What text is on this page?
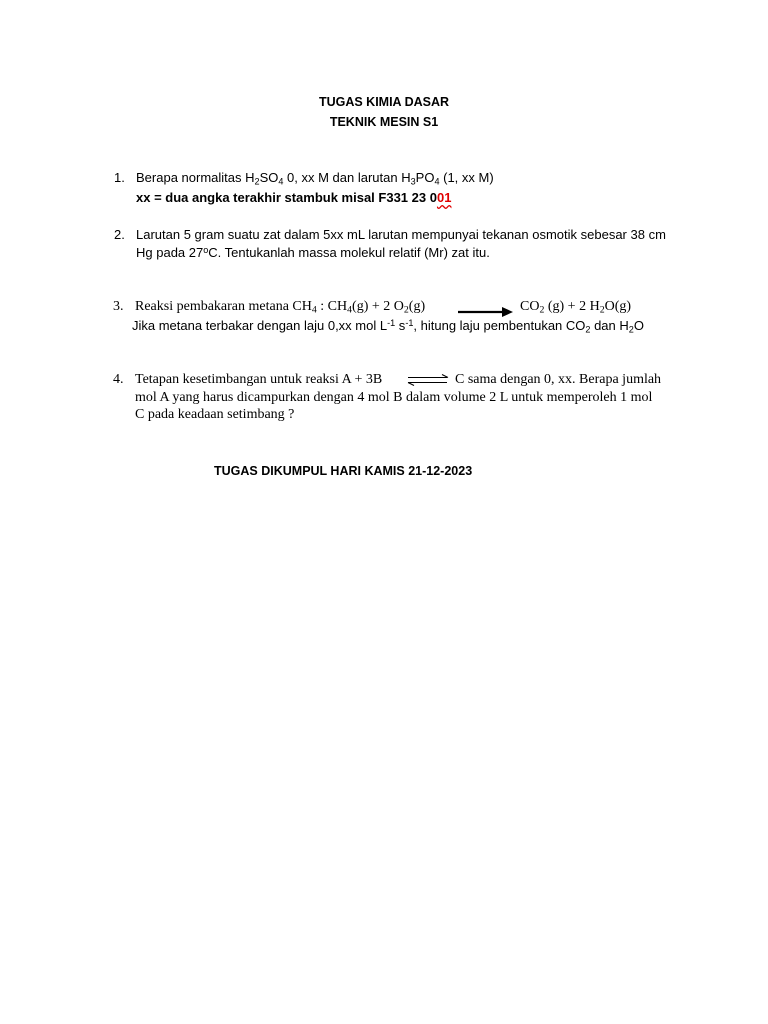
TUGAS KIMIA DASAR
TEKNIK MESIN S1
1. Berapa normalitas $H_2SO_4$ 0, xx M dan larutan $H_3PO_4$ (1, xx M)
xx = dua angka terakhir stambuk misal F331 23 001
2. Larutan 5 gram suatu zat dalam 5xx mL larutan mempunyai tekanan osmotik sebesar 38 cm
Hg pada 27$^o$C. Tentukanlah massa molekul relatif (Mr) zat itu.
3. Reaksi pembakaran metana $CH_4$ : $CH_4(g) + 2$ $O_2(g) \to CO_2$ (g) + 2 $H_2O(g)$
Jika metana terbakar dengan laju 0,xx mol $L^{-1}$ $s^{-1}$, hitung laju pembentukan $CO_2$ dan $H_2O$
4. Tetapan kesetimbangan untuk reaksi A + 3B ⇌ C sama dengan 0, xx. Berapa jumlah
mol A yang harus dicampurkan dengan 4 mol B dalam volume 2 L untuk memperoleh 1 mol
C pada keadaan setimbang ?
TUGAS DIKUMPUL HARI KAMIS 21-12-2023
